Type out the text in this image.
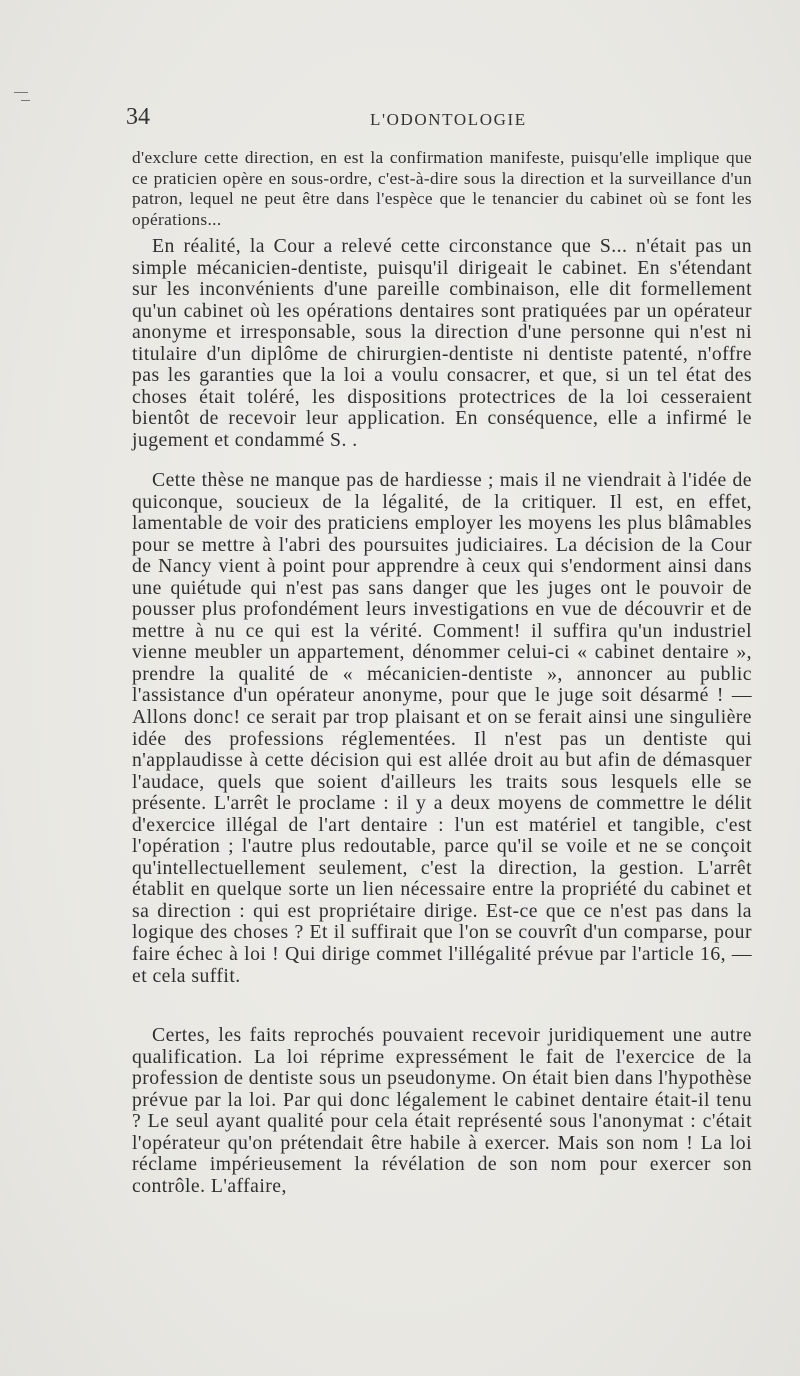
34	L'ODONTOLOGIE

d'exclure cette direction, en est la confirmation manifeste, puisqu'elle implique que ce praticien opère en sous-ordre, c'est-à-dire sous la direction et la surveillance d'un patron, lequel ne peut être dans l'espèce que le tenancier du cabinet où se font les opérations...

En réalité, la Cour a relevé cette circonstance que S... n'était pas un simple mécanicien-dentiste, puisqu'il dirigeait le cabinet. En s'étendant sur les inconvénients d'une pareille combinaison, elle dit formellement qu'un cabinet où les opérations dentaires sont pratiquées par un opérateur anonyme et irresponsable, sous la direction d'une personne qui n'est ni titulaire d'un diplôme de chirurgien-dentiste ni dentiste patenté, n'offre pas les garanties que la loi a voulu consacrer, et que, si un tel état des choses était toléré, les dispositions protectrices de la loi cesseraient bientôt de recevoir leur application. En conséquence, elle a infirmé le jugement et condammé S. .

Cette thèse ne manque pas de hardiesse ; mais il ne viendrait à l'idée de quiconque, soucieux de la légalité, de la critiquer. Il est, en effet, lamentable de voir des praticiens employer les moyens les plus blâmables pour se mettre à l'abri des poursuites judiciaires. La décision de la Cour de Nancy vient à point pour apprendre à ceux qui s'endorment ainsi dans une quiétude qui n'est pas sans danger que les juges ont le pouvoir de pousser plus profondément leurs investigations en vue de découvrir et de mettre à nu ce qui est la vérité. Comment! il suffira qu'un industriel vienne meubler un appartement, dénommer celui-ci « cabinet dentaire », prendre la qualité de « mécanicien-dentiste », annoncer au public l'assistance d'un opérateur anonyme, pour que le juge soit désarmé ! — Allons donc! ce serait par trop plaisant et on se ferait ainsi une singulière idée des professions réglementées. Il n'est pas un dentiste qui n'applaudisse à cette décision qui est allée droit au but afin de démasquer l'audace, quels que soient d'ailleurs les traits sous lesquels elle se présente. L'arrêt le proclame : il y a deux moyens de commettre le délit d'exercice illégal de l'art dentaire : l'un est matériel et tangible, c'est l'opération ; l'autre plus redoutable, parce qu'il se voile et ne se conçoit qu'intellectuellement seulement, c'est la direction, la gestion. L'arrêt établit en quelque sorte un lien nécessaire entre la propriété du cabinet et sa direction : qui est propriétaire dirige. Est-ce que ce n'est pas dans la logique des choses ? Et il suffirait que l'on se couvrît d'un comparse, pour faire échec à loi ! Qui dirige commet l'illégalité prévue par l'article 16, — et cela suffit.

Certes, les faits reprochés pouvaient recevoir juridiquement une autre qualification. La loi réprime expressément le fait de l'exercice de la profession de dentiste sous un pseudonyme. On était bien dans l'hypothèse prévue par la loi. Par qui donc légalement le cabinet dentaire était-il tenu ? Le seul ayant qualité pour cela était représenté sous l'anonymat : c'était l'opérateur qu'on prétendait être habile à exercer. Mais son nom ! La loi réclame impérieusement la révélation de son nom pour exercer son contrôle. L'affaire,
